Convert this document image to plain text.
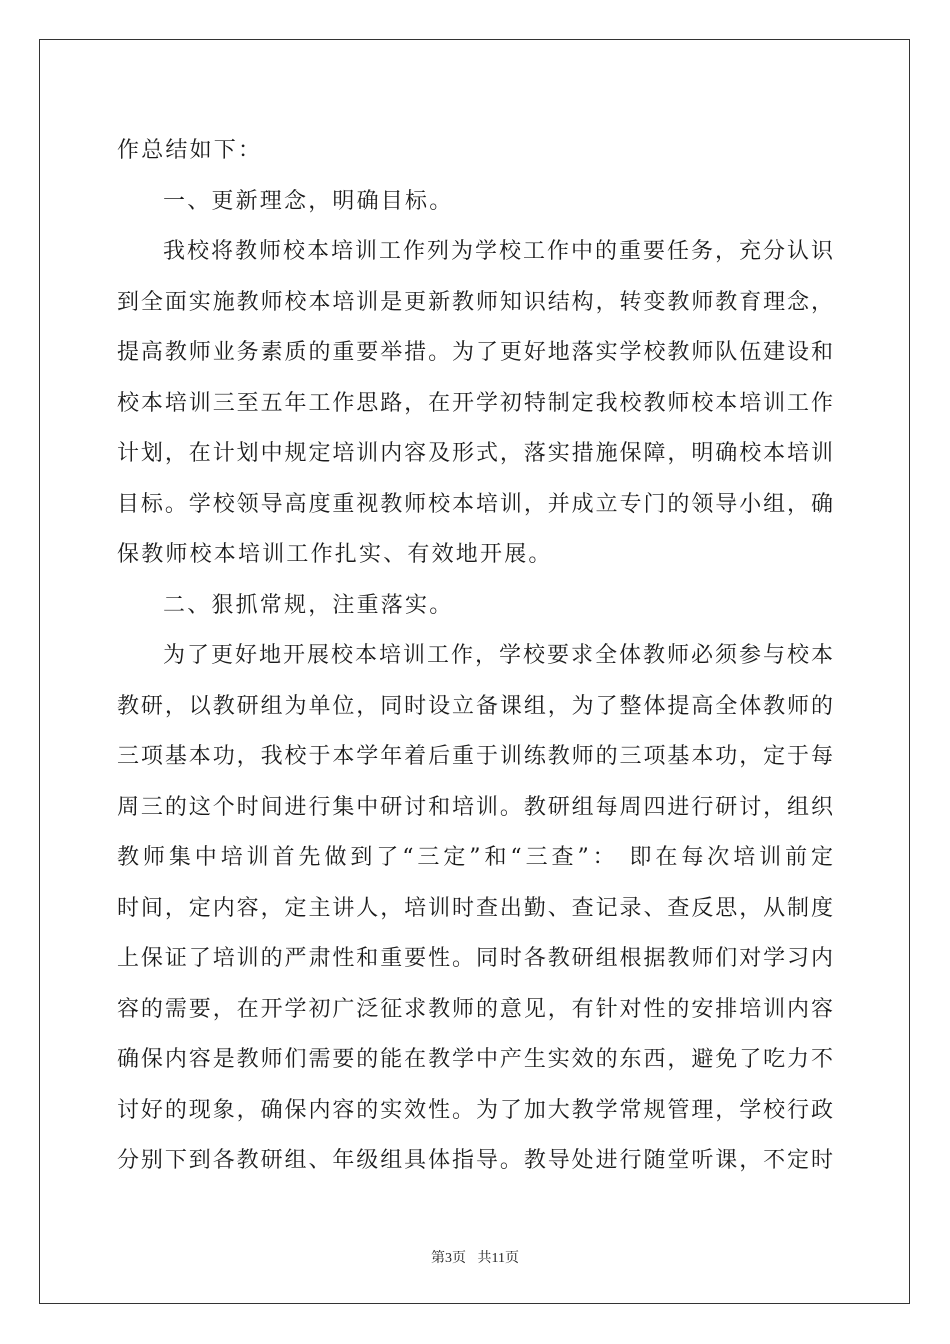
作总结如下：
一、更新理念，明确目标。
我校将教师校本培训工作列为学校工作中的重要任务，充分认识
到全面实施教师校本培训是更新教师知识结构，转变教师教育理念，
提高教师业务素质的重要举措。为了更好地落实学校教师队伍建设和
校本培训三至五年工作思路，在开学初特制定我校教师校本培训工作
计划，在计划中规定培训内容及形式，落实措施保障，明确校本培训
目标。学校领导高度重视教师校本培训，并成立专门的领导小组，确
保教师校本培训工作扎实、有效地开展。
二、狠抓常规，注重落实。
为了更好地开展校本培训工作，学校要求全体教师必须参与校本
教研，以教研组为单位，同时设立备课组，为了整体提高全体教师的
三项基本功，我校于本学年着后重于训练教师的三项基本功，定于每
周三的这个时间进行集中研讨和培训。教研组每周四进行研讨，组织
教师集中培训首先做到了“三定”和“三查”： 即在每次培训前定
时间，定内容，定主讲人，培训时查出勤、查记录、查反思，从制度
上保证了培训的严肃性和重要性。同时各教研组根据教师们对学习内
容的需要，在开学初广泛征求教师的意见，有针对性的安排培训内容
确保内容是教师们需要的能在教学中产生实效的东西，避免了吃力不
讨好的现象，确保内容的实效性。为了加大教学常规管理，学校行政
分别下到各教研组、年级组具体指导。教导处进行随堂听课，不定时
第3页 共11页
